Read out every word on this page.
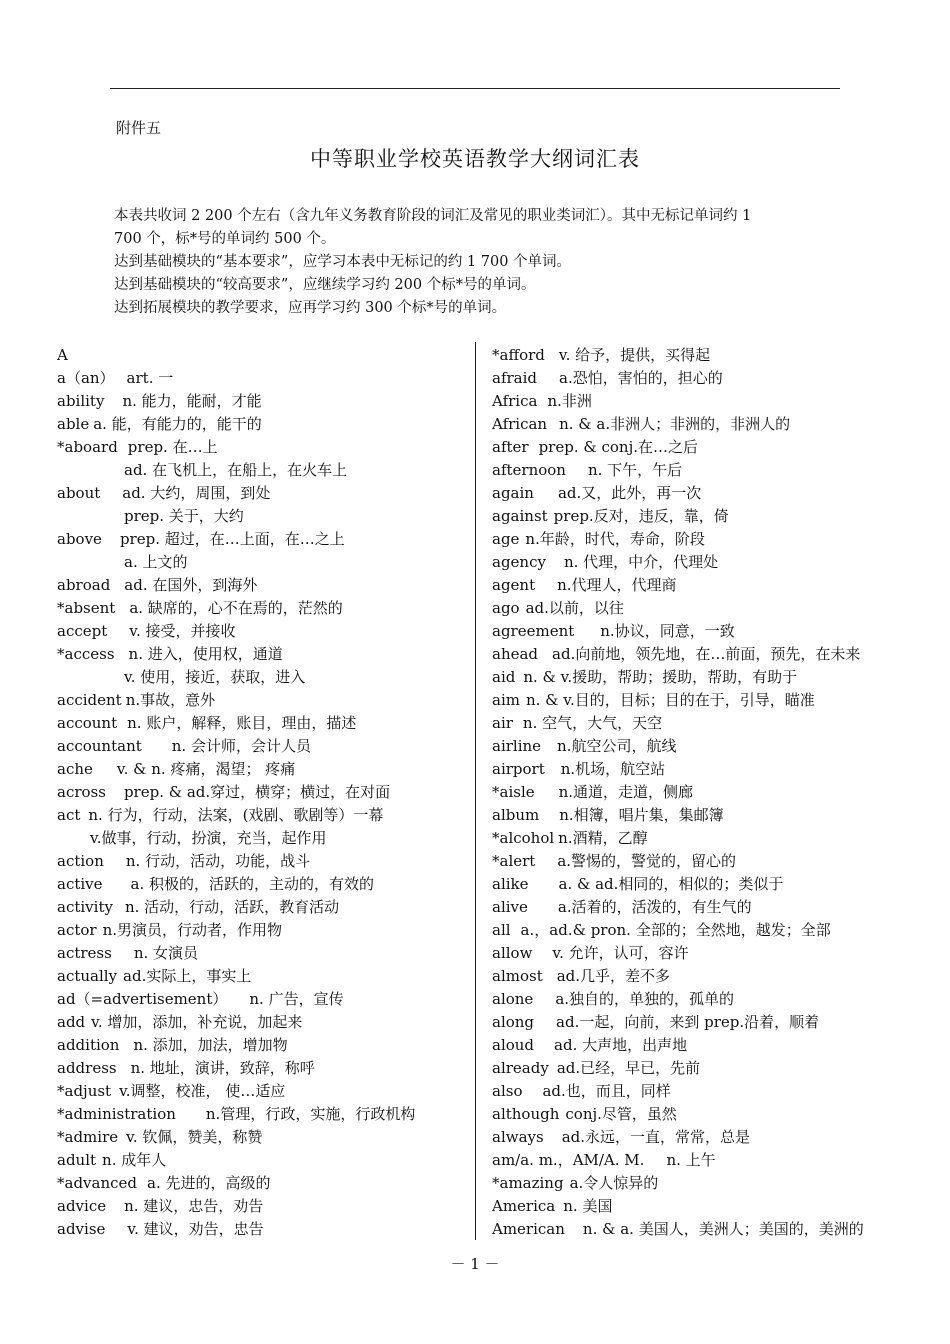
附件五
中等职业学校英语教学大纲词汇表

本表共收词 2 200 个左右（含九年义务教育阶段的词汇及常见的职业类词汇）。其中无标记单词约 1

700 个，标*号的单词约 500 个。

达到基础模块的“基本要求”，应学习本表中无标记的约 1 700 个单词。

达到基础模块的“较高要求”，应继续学习约 200 个标*号的单词。

达到拓展模块的教学要求，应再学习约 300 个标*号的单词。

A
a（an） art. 一
ability n. 能力，能耐，才能
able a. 能，有能力的，能干的
*aboard prep. 在…上
ad. 在飞机上，在船上，在火车上
about ad. 大约，周围，到处
prep. 关于，大约
above prep. 超过，在…上面，在…之上
a. 上文的
abroad ad. 在国外，到海外
*absent a. 缺席的，心不在焉的，茫然的
accept v. 接受，并接收
*access n. 进入，使用权，通道
v. 使用，接近，获取，进入
accident n.事故，意外
account n. 账户，解释，账目，理由，描述
accountant n. 会计师，会计人员
ache v. & n. 疼痛，渴望； 疼痛
across prep. & ad.穿过，横穿；横过，在对面
act n. 行为，行动，法案，(戏剧、歌剧等）一幕
v.做事，行动，扮演，充当，起作用
action n. 行动，活动，功能，战斗
active a. 积极的，活跃的，主动的，有效的
activity n. 活动，行动，活跃，教育活动
actor n.男演员，行动者，作用物
actress n. 女演员
actually ad.实际上，事实上
ad（=advertisement） n. 广告，宣传
add v. 增加，添加，补充说，加起来
addition n. 添加，加法，增加物
address n. 地址，演讲，致辞，称呼
*adjust v.调整，校准， 使…适应
*administration n.管理，行政，实施，行政机构
*admire v. 钦佩，赞美，称赞
adult n. 成年人
*advanced a. 先进的，高级的
advice n. 建议，忠告，劝告
advise v. 建议，劝告，忠告
*afford v. 给予，提供，买得起
afraid a.恐怕，害怕的，担心的
Africa n.非洲
African n. & a.非洲人；非洲的，非洲人的
after prep. & conj.在…之后
afternoon n. 下午，午后
again ad.又，此外，再一次
against prep.反对，违反，靠，倚
age n.年龄，时代，寿命，阶段
agency n. 代理，中介，代理处
agent n.代理人，代理商
ago ad.以前，以往
agreement n.协议，同意，一致
ahead ad.向前地，领先地，在…前面，预先，在未来
aid n. & v.援助，帮助；援助，帮助，有助于
aim n. & v.目的，目标；目的在于，引导，瞄准
air n. 空气，大气，天空
airline n.航空公司，航线
airport n.机场，航空站
*aisle n.通道，走道，侧廊
album n.相簿，唱片集，集邮簿
*alcohol n.酒精，乙醇
*alert a.警惕的，警觉的，留心的
alike a. & ad.相同的，相似的；类似于
alive a.活着的，活泼的，有生气的
all a.，ad.& pron. 全部的；全然地，越发；全部
allow v. 允许，认可，容许
almost ad.几乎，差不多
alone a.独自的，单独的，孤单的
along ad.一起，向前，来到 prep.沿着，顺着
aloud ad. 大声地，出声地
already ad.已经，早已，先前
also ad.也，而且，同样
although conj.尽管，虽然
always ad.永远，一直，常常，总是
am/a. m.，AM/A. M. n. 上午
*amazing a.令人惊异的
America n. 美国
American n. & a. 美国人，美洲人；美国的，美洲的
－ 1 －
